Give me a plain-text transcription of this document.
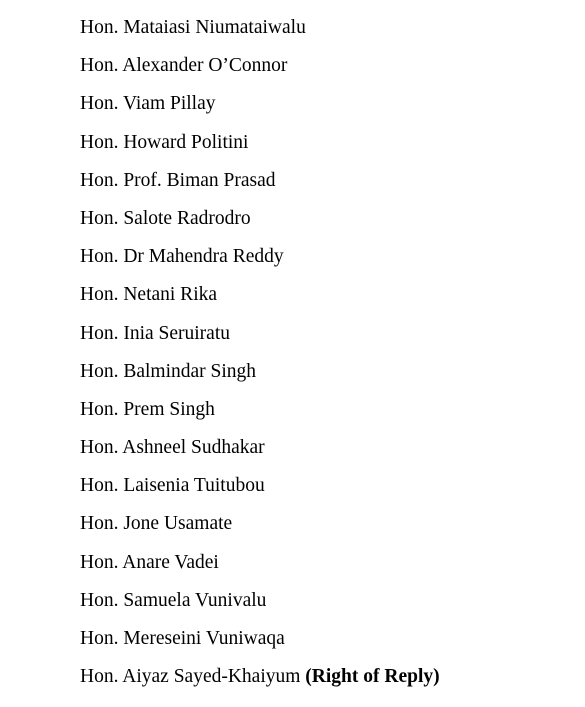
Hon. Mataiasi Niumataiwalu
Hon. Alexander O’Connor
Hon. Viam Pillay
Hon. Howard Politini
Hon. Prof. Biman Prasad
Hon. Salote Radrodro
Hon. Dr Mahendra Reddy
Hon. Netani Rika
Hon. Inia Seruiratu
Hon. Balmindar Singh
Hon. Prem Singh
Hon. Ashneel Sudhakar
Hon. Laisenia Tuitubou
Hon. Jone Usamate
Hon. Anare Vadei
Hon. Samuela Vunivalu
Hon. Mereseini Vuniwaqa
Hon. Aiyaz Sayed-Khaiyum (Right of Reply)
